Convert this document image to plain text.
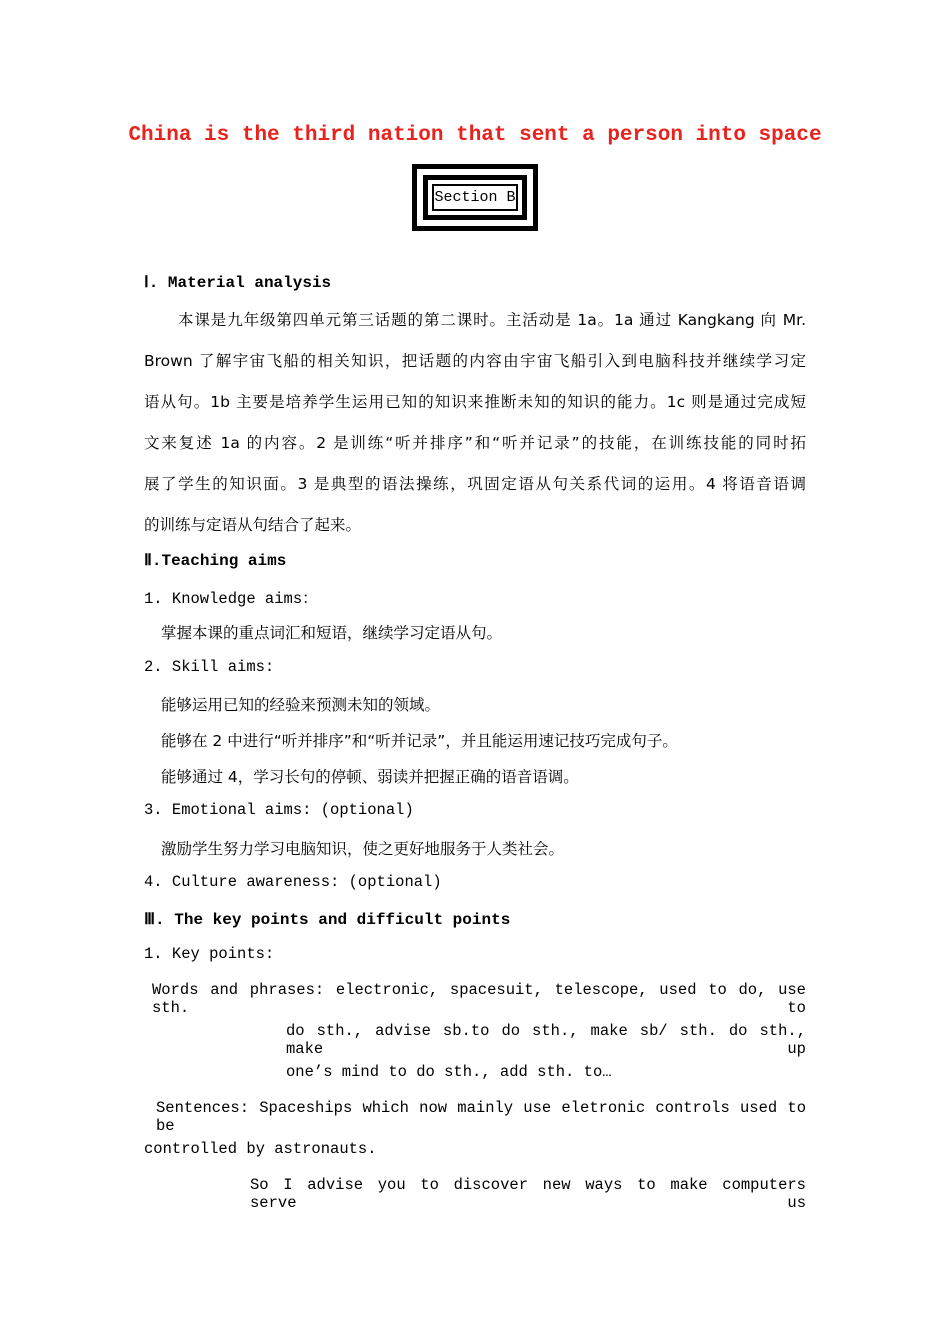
China is the third nation that sent a person into space
Section B
Ⅰ. Material analysis
本课是九年级第四单元第三话题的第二课时。主活动是 1a。1a 通过 Kangkang 向 Mr.
Brown 了解宇宙飞船的相关知识，把话题的内容由宇宙飞船引入到电脑科技并继续学习定
语从句。1b 主要是培养学生运用已知的知识来推断未知的知识的能力。1c 则是通过完成短
文来复述 1a 的内容。2 是训练“听并排序”和“听并记录”的技能，在训练技能的同时拓
展了学生的知识面。3 是典型的语法操练，巩固定语从句关系代词的运用。4 将语音语调
的训练与定语从句结合了起来。
Ⅱ.Teaching aims
1. Knowledge aims：
掌握本课的重点词汇和短语，继续学习定语从句。
2. Skill aims:
能够运用已知的经验来预测未知的领域。
能够在 2 中进行“听并排序”和“听并记录”，并且能运用速记技巧完成句子。
能够通过 4，学习长句的停顿、弱读并把握正确的语音语调。
3. Emotional aims: (optional)
激励学生努力学习电脑知识，使之更好地服务于人类社会。
4. Culture awareness: (optional)
Ⅲ. The key points and difficult points
1. Key points:
Words and phrases: electronic, spacesuit, telescope, used to do, use sth. to
do sth., advise sb.to do sth., make sb/ sth. do sth., make up
one’s mind to do sth., add sth. to…
Sentences: Spaceships which now mainly use eletronic controls used to be
controlled by astronauts.
So I advise you to discover new ways to make computers serve us
